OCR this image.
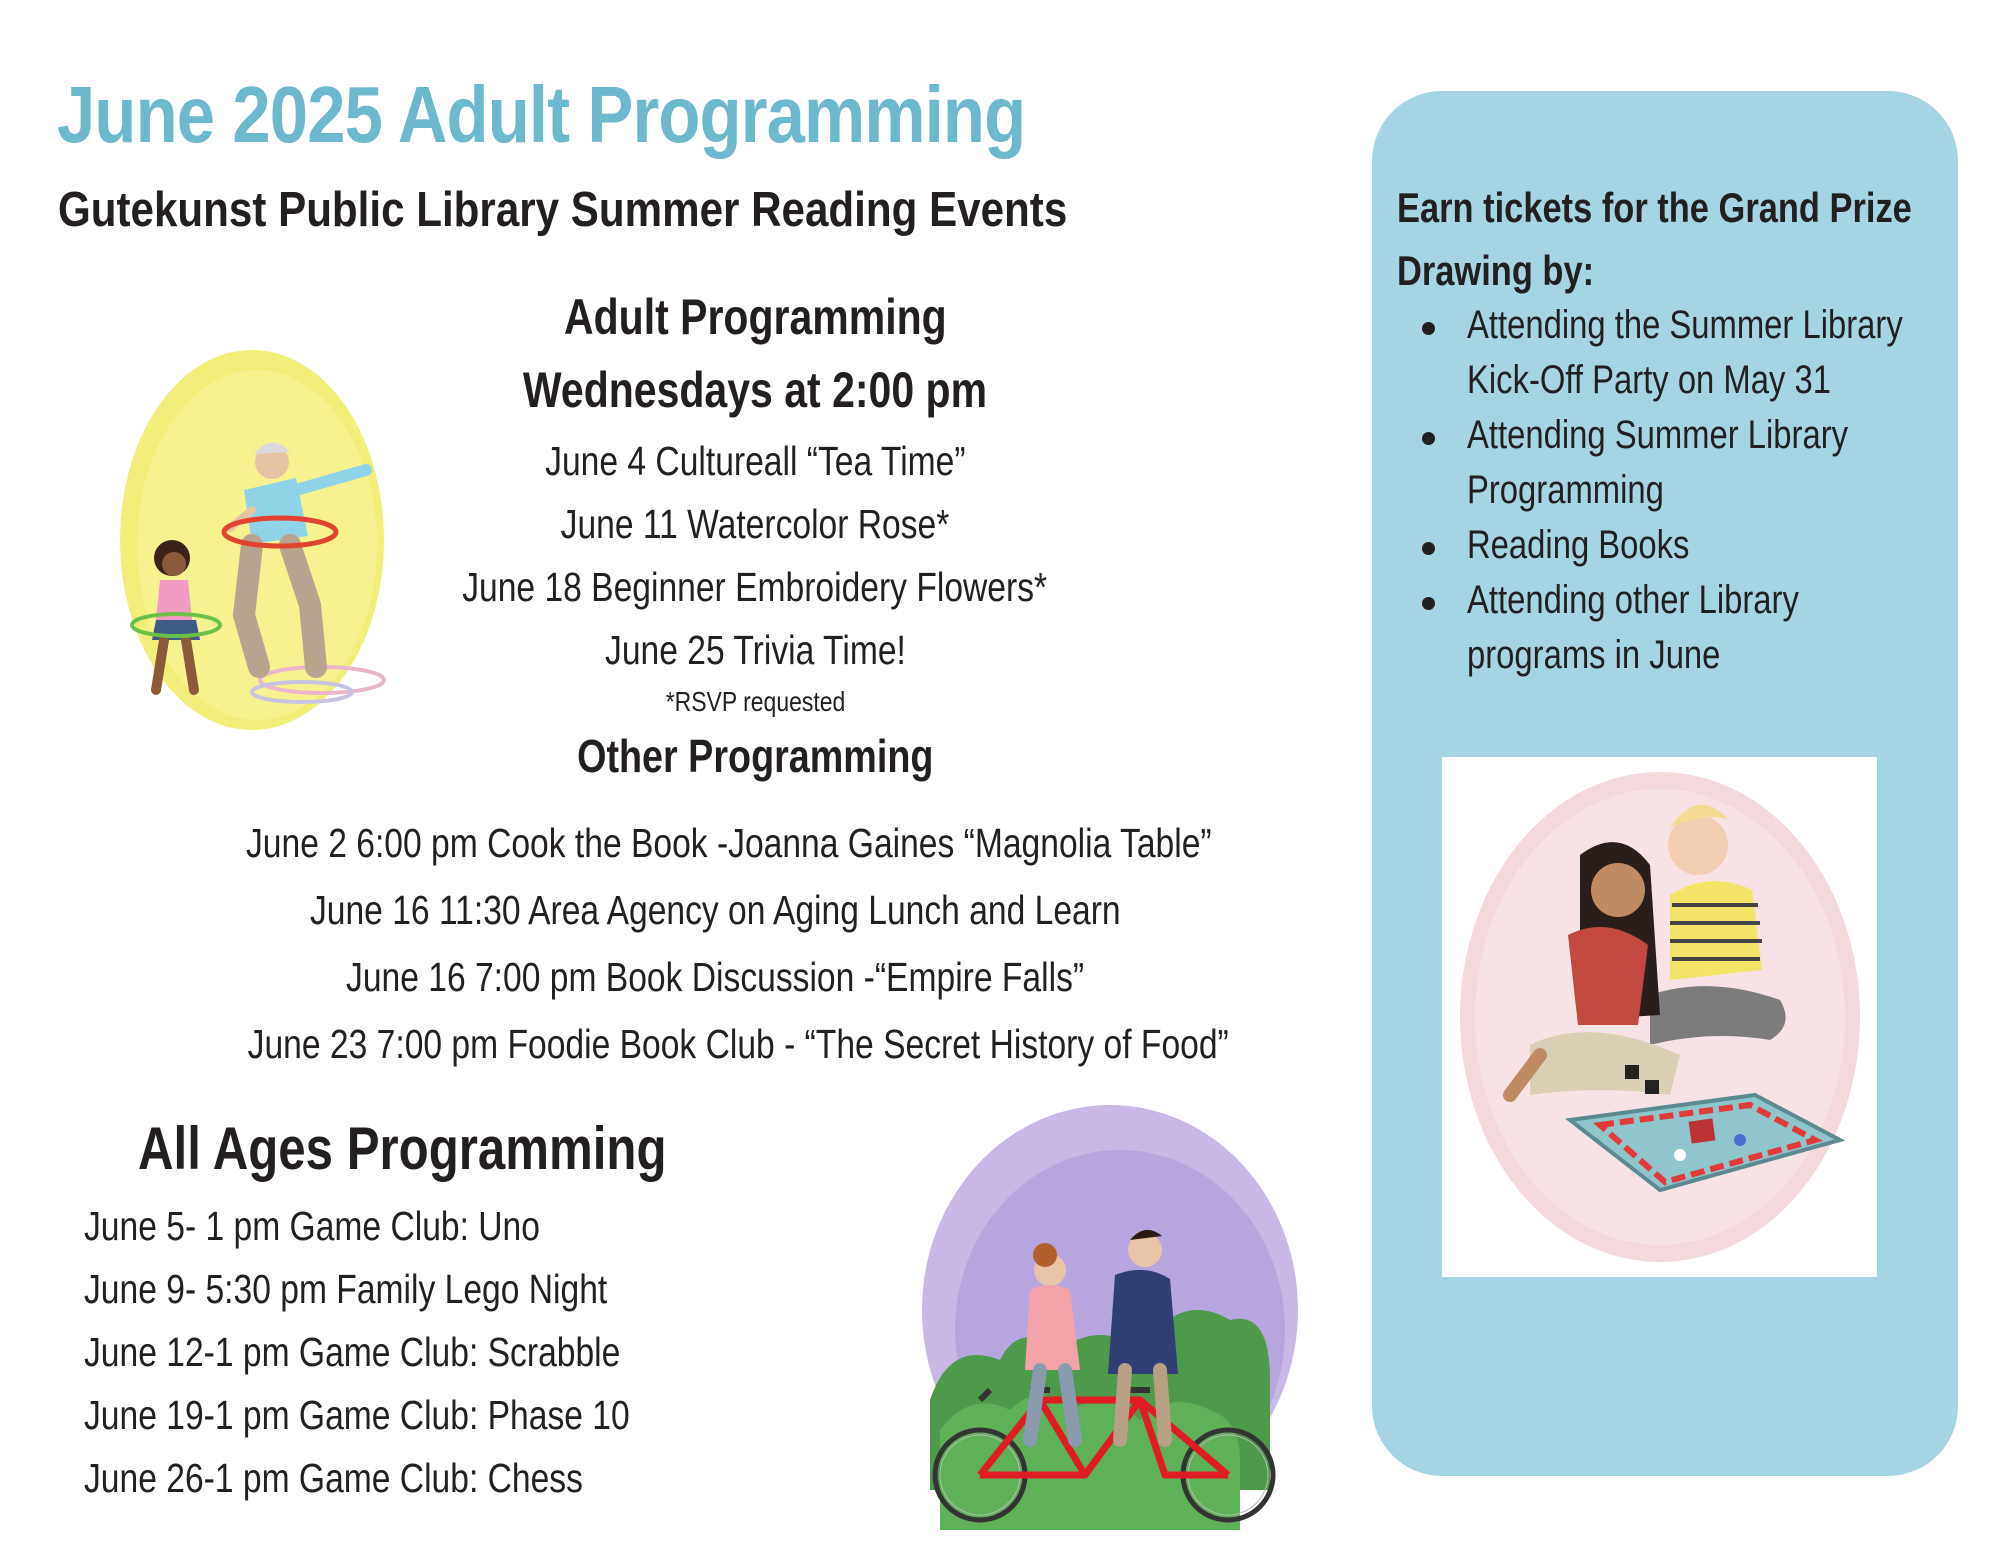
June 2025 Adult Programming
Gutekunst Public Library Summer Reading Events
Adult Programming
Wednesdays at 2:00 pm
June 4 Cultureall “Tea Time”
June 11 Watercolor Rose*
June 18 Beginner Embroidery Flowers*
June 25 Trivia Time!
*RSVP requested
Other Programming
June 2 6:00 pm Cook the Book -Joanna Gaines “Magnolia Table”
June 16 11:30 Area Agency on Aging Lunch and Learn
June 16 7:00 pm Book Discussion -“Empire Falls”
June 23 7:00 pm Foodie Book Club - “The Secret History of Food”
All Ages Programming
June 5- 1 pm Game Club: Uno
June 9- 5:30 pm Family Lego Night
June 12-1 pm Game Club: Scrabble
June 19-1 pm Game Club: Phase 10
June 26-1 pm Game Club: Chess
Earn tickets for the Grand Prize
Drawing by:
Attending the Summer Library
Kick-Off Party on May 31
Attending Summer Library
Programming
Reading Books
Attending other Library
programs in June
